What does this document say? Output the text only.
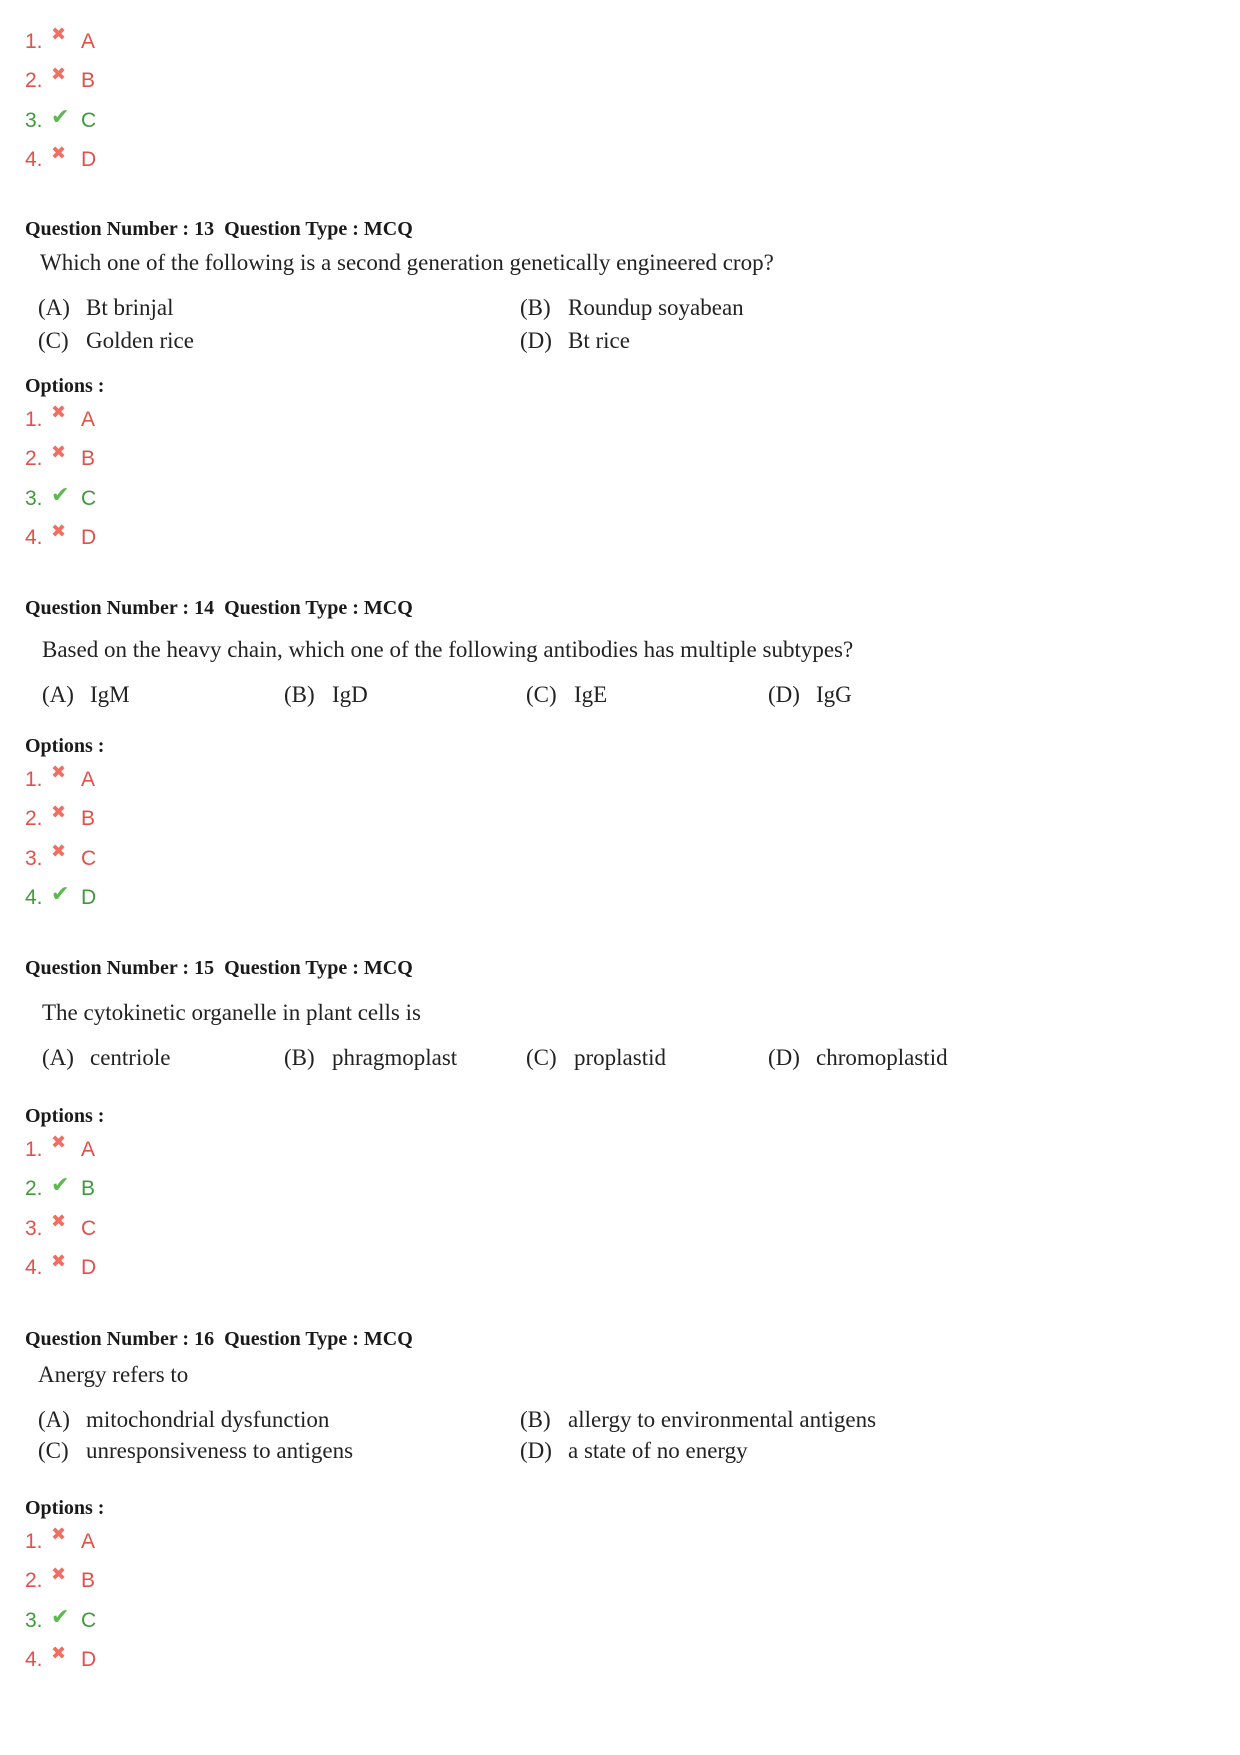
1. ✖ A
2. ✖ B
3. ✔ C
4. ✖ D
Question Number : 13  Question Type : MCQ
Which one of the following is a second generation genetically engineered crop?
(A) Bt brinjal	(B) Roundup soyabean
(C) Golden rice	(D) Bt rice
Options :
1. ✖ A
2. ✖ B
3. ✔ C
4. ✖ D
Question Number : 14  Question Type : MCQ
Based on the heavy chain, which one of the following antibodies has multiple subtypes?
(A) IgM	(B) IgD	(C) IgE	(D) IgG
Options :
1. ✖ A
2. ✖ B
3. ✖ C
4. ✔ D
Question Number : 15  Question Type : MCQ
The cytokinetic organelle in plant cells is
(A) centriole	(B) phragmoplast	(C) proplastid	(D) chromoplastid
Options :
1. ✖ A
2. ✔ B
3. ✖ C
4. ✖ D
Question Number : 16  Question Type : MCQ
Anergy refers to
(A) mitochondrial dysfunction	(B) allergy to environmental antigens
(C) unresponsiveness to antigens	(D) a state of no energy
Options :
1. ✖ A
2. ✖ B
3. ✔ C
4. ✖ D
